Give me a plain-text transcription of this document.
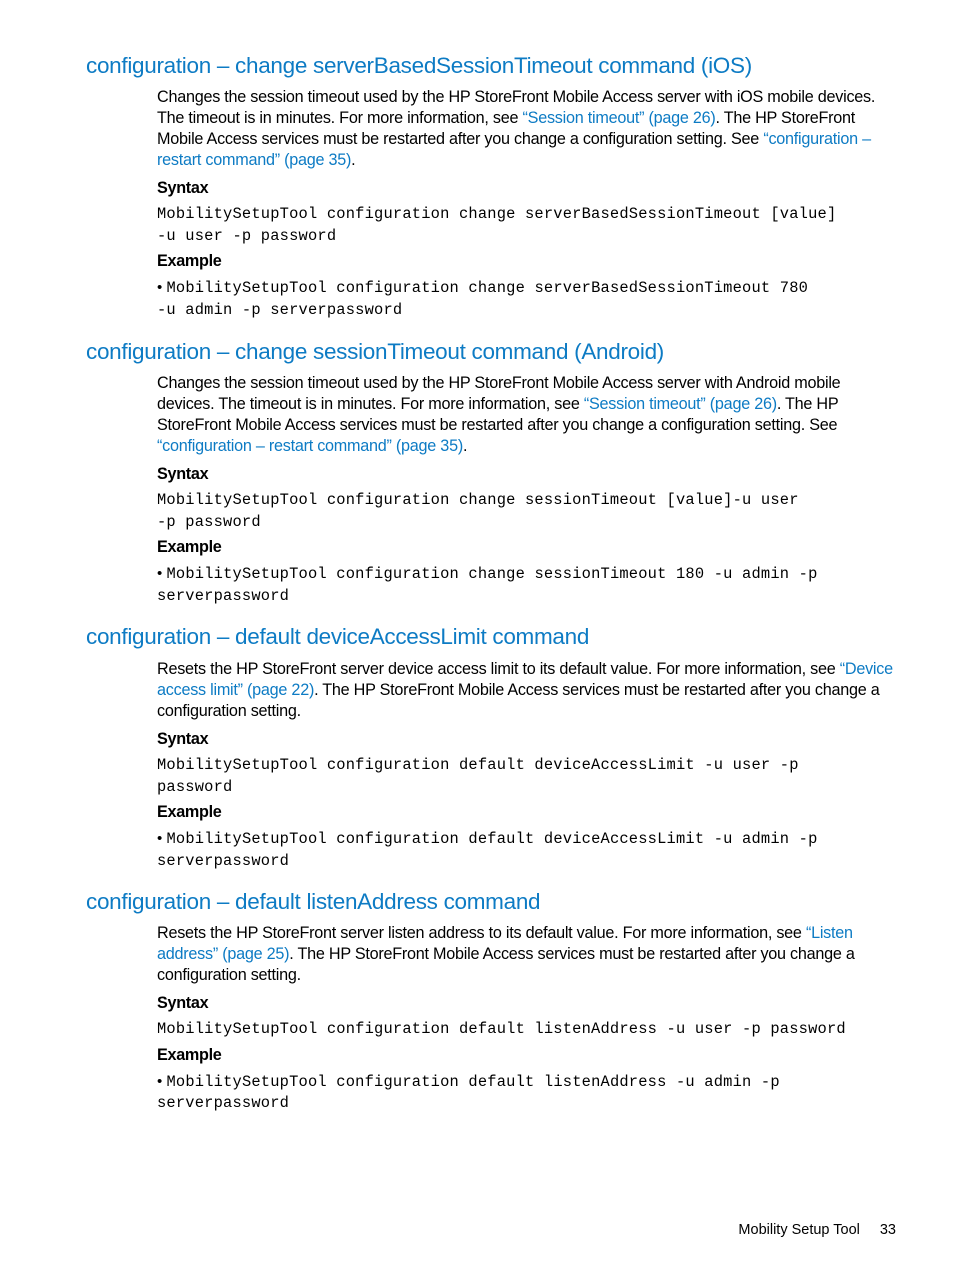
configuration – change serverBasedSessionTimeout command (iOS)

Changes the session timeout used by the HP StoreFront Mobile Access server with iOS mobile devices. The timeout is in minutes. For more information, see “Session timeout” (page 26). The HP StoreFront Mobile Access services must be restarted after you change a configuration setting. See “configuration – restart command” (page 35).

Syntax

MobilitySetupTool configuration change serverBasedSessionTimeout [value]

-u user -p password

Example

• MobilitySetupTool configuration change serverBasedSessionTimeout 780

-u admin -p serverpassword

configuration – change sessionTimeout command (Android)

Changes the session timeout used by the HP StoreFront Mobile Access server with Android mobile devices. The timeout is in minutes. For more information, see “Session timeout” (page 26). The HP StoreFront Mobile Access services must be restarted after you change a configuration setting. See “configuration – restart command” (page 35).

Syntax

MobilitySetupTool configuration change sessionTimeout [value]-u user

-p password

Example

• MobilitySetupTool configuration change sessionTimeout 180 -u admin -p

serverpassword

configuration – default deviceAccessLimit command

Resets the HP StoreFront server device access limit to its default value. For more information, see “Device access limit” (page 22). The HP StoreFront Mobile Access services must be restarted after you change a configuration setting.

Syntax

MobilitySetupTool configuration default deviceAccessLimit -u user -p

password

Example

• MobilitySetupTool configuration default deviceAccessLimit -u admin -p

serverpassword

configuration – default listenAddress command

Resets the HP StoreFront server listen address to its default value. For more information, see “Listen address” (page 25). The HP StoreFront Mobile Access services must be restarted after you change a configuration setting.

Syntax

MobilitySetupTool configuration default listenAddress -u user -p password

Example

• MobilitySetupTool configuration default listenAddress -u admin -p

serverpassword

Mobility Setup Tool 33
